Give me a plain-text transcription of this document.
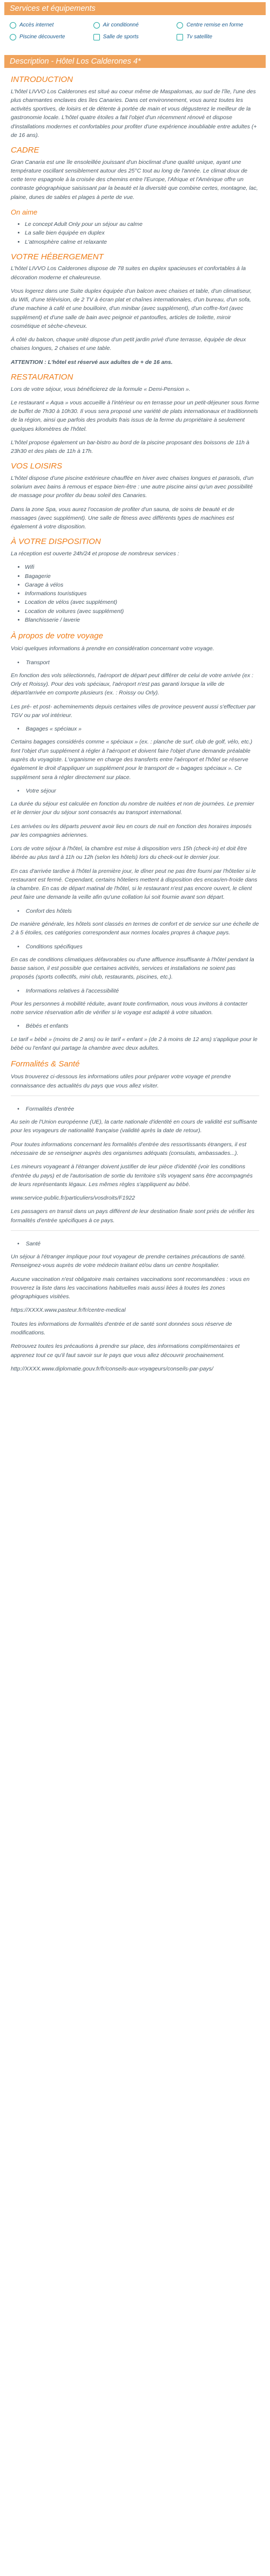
Services et équipements
Accès internet	Air conditionné	Centre remise en forme
Piscine découverte	Salle de sports	Tv satellite
Description - Hôtel Los Calderones 4*
INTRODUCTION

L'hôtel LIVVO Los Calderones est situé au coeur même de Maspalomas, au sud de l'île, l'une des plus charmantes enclaves des îles Canaries. Dans cet environnement, vous aurez toutes les activités sportives, de loisirs et de détente à portée de main et vous dégusterez le meilleur de la gastronomie locale. L'hôtel quatre étoiles a fait l'objet d'un récemment rénové et dispose d'installations modernes et confortables pour profiter d'une expérience inoubliable entre adultes (+ de 16 ans).

CADRE

Gran Canaria est une île ensoleillée jouissant d'un bioclimat d'une qualité unique, ayant une température oscillant sensiblement autour des 25°C tout au long de l'année. Le climat doux de cette terre espagnole à la croisée des chemins entre l'Europe, l'Afrique et l'Amérique offre un contraste géographique saisissant par la beauté et la diversité que combine certes, montagne, lac, plaine, dunes de sables et plages à perte de vue.

On aime
• Le concept Adult Only pour un séjour au calme
• La salle bien équipée en duplex
• L'atmosphère calme et relaxante
VOTRE HÉBERGEMENT

L'hôtel LIVVO Los Calderones dispose de 78 suites en duplex spacieuses et confortables à la décoration moderne et chaleureuse.

Vous logerez dans une Suite duplex équipée d'un balcon avec chaises et table, d'un climatiseur, du Wifi, d'une télévision, de 2 TV à écran plat et chaînes internationales, d'un bureau, d'un sofa, d'une machine à café et une bouilloire, d'un minibar (avec supplément), d'un coffre-fort (avec supplément) et d'une salle de bain avec peignoir et pantoufles, articles de toilette, miroir cosmétique et sèche-cheveux.

À côté du balcon, chaque unité dispose d'un petit jardin privé d'une terrasse, équipée de deux chaises longues, 2 chaises et une table.

ATTENTION : L'hôtel est réservé aux adultes de + de 16 ans.

RESTAURATION

Lors de votre séjour, vous bénéficierez de la formule « Demi-Pension ».

Le restaurant « Aqua » vous accueille à l'intérieur ou en terrasse pour un petit-déjeuner sous forme de buffet de 7h30 à 10h30. Il vous sera proposé une variété de plats internationaux et traditionnels de la région, ainsi que parfois des produits frais issus de la ferme du propriétaire à seulement quelques kilomètres de l'hôtel.

L'hôtel propose également un bar-bistro au bord de la piscine proposant des boissons de 11h à 23h30 et des plats de 11h à 17h.

VOS LOISIRS

L'hôtel dispose d'une piscine extérieure chauffée en hiver avec chaises longues et parasols, d'un solarium avec bains à remous et espace bien-être : une autre piscine ainsi qu'un avec possibilité de massage pour profiter du beau soleil des Canaries.

Dans la zone Spa, vous aurez l'occasion de profiter d'un sauna, de soins de beauté et de massages (avec supplément). Une salle de fitness avec différents types de machines est également à votre disposition.

À VOTRE DISPOSITION

La réception est ouverte 24h/24 et propose de nombreux services :

• Wifi
• Bagagerie
• Garage à vélos
• Informations touristiques
• Location de vélos (avec supplément)
• Location de voitures (avec supplément)
• Blanchisserie / laverie
À propos de votre voyage

Voici quelques informations à prendre en considération concernant votre voyage.

• Transport

En fonction des vols sélectionnés, l'aéroport de départ peut différer de celui de votre arrivée (ex : Orly et Roissy). Pour des vols spéciaux, l'aéroport n'est pas garanti lorsque la ville de départ/arrivée en comporte plusieurs (ex. : Roissy ou Orly).

Les pré- et post- acheminements depuis certaines villes de province peuvent aussi s'effectuer par TGV ou par vol intérieur.

• Bagages « spéciaux »

Certains bagages considérés comme « spéciaux » (ex. : planche de surf, club de golf, vélo, etc.) font l'objet d'un supplément à régler à l'aéroport et doivent faire l'objet d'une demande préalable auprès du voyagiste. L'organisme en charge des transferts entre l'aéroport et l'hôtel se réserve également le droit d'appliquer un supplément pour le transport de « bagages spéciaux ». Ce supplément sera à régler directement sur place.

• Votre séjour

La durée du séjour est calculée en fonction du nombre de nuitées et non de journées. Le premier et le dernier jour du séjour sont consacrés au transport international.

Les arrivées ou les départs peuvent avoir lieu en cours de nuit en fonction des horaires imposés par les compagnies aériennes.

Lors de votre séjour à l'hôtel, la chambre est mise à disposition vers 15h (check-in) et doit être libérée au plus tard à 11h ou 12h (selon les hôtels) lors du check-out le dernier jour.

En cas d'arrivée tardive à l'hôtel la première jour, le dîner peut ne pas être fourni par l'hôtelier si le restaurant est fermé. Cependant, certains hôteliers mettent à disposition des encas/en-froide dans la chambre. En cas de départ matinal de l'hôtel, si le restaurant n'est pas encore ouvert, le client peut faire une demande la veille afin qu'une collation lui soit fournie avant son départ.

• Confort des hôtels

De manière générale, les hôtels sont classés en termes de confort et de service sur une échelle de 2 à 5 étoiles, ces catégories correspondent aux normes locales propres à chaque pays.

• Conditions spécifiques

En cas de conditions climatiques défavorables ou d'une affluence insuffisante à l'hôtel pendant la basse saison, il est possible que certaines activités, services et installations ne soient pas proposés (sports collectifs, mini club, restaurants, piscines, etc.).

• Informations relatives à l'accessibilité

Pour les personnes à mobilité réduite, avant toute confirmation, nous vous invitons à contacter notre service réservation afin de vérifier si le voyage est adapté à votre situation.

• Bébés et enfants

Le tarif « bébé » (moins de 2 ans) ou le tarif « enfant » (de 2 à moins de 12 ans) s'applique pour le bébé ou l'enfant qui partage la chambre avec deux adultes.

Formalités & Santé

Vous trouverez ci-dessous les informations utiles pour préparer votre voyage et prendre connaissance des actualités du pays que vous allez visiter.

• Formalités d'entrée

Au sein de l'Union européenne (UE), la carte nationale d'identité en cours de validité est suffisante pour les voyageurs de nationalité française (validité après la date de retour).

Pour toutes informations concernant les formalités d'entrée des ressortissants étrangers, il est nécessaire de se renseigner auprès des organismes adéquats (consulats, ambassades...).

Les mineurs voyageant à l'étranger doivent justifier de leur pièce d'identité (voir les conditions d'entrée du pays) et de l'autorisation de sortie du territoire s'ils voyagent sans être accompagnés de leurs représentants légaux. Les mêmes règles s'appliquent au bébé.

www.service-public.fr/particuliers/vosdroits/F1922

Les passagers en transit dans un pays différent de leur destination finale sont priés de vérifier les formalités d'entrée spécifiques à ce pays.

• Santé

Un séjour à l'étranger implique pour tout voyageur de prendre certaines précautions de santé. Renseignez-vous auprès de votre médecin traitant et/ou dans un centre hospitalier.

Aucune vaccination n'est obligatoire mais certaines vaccinations sont recommandées : vous en trouverez la liste dans les vaccinations habituelles mais aussi liées à toutes les zones géographiques visitées.

https://XXXX.www.pasteur.fr/fr/centre-medical

Toutes les informations de formalités d'entrée et de santé sont données sous réserve de modifications.

Retrouvez toutes les précautions à prendre sur place, des informations complémentaires et apprenez tout ce qu'il faut savoir sur le pays que vous allez découvrir prochainement.

http://XXXX.www.diplomatie.gouv.fr/fr/conseils-aux-voyageurs/conseils-par-pays/
